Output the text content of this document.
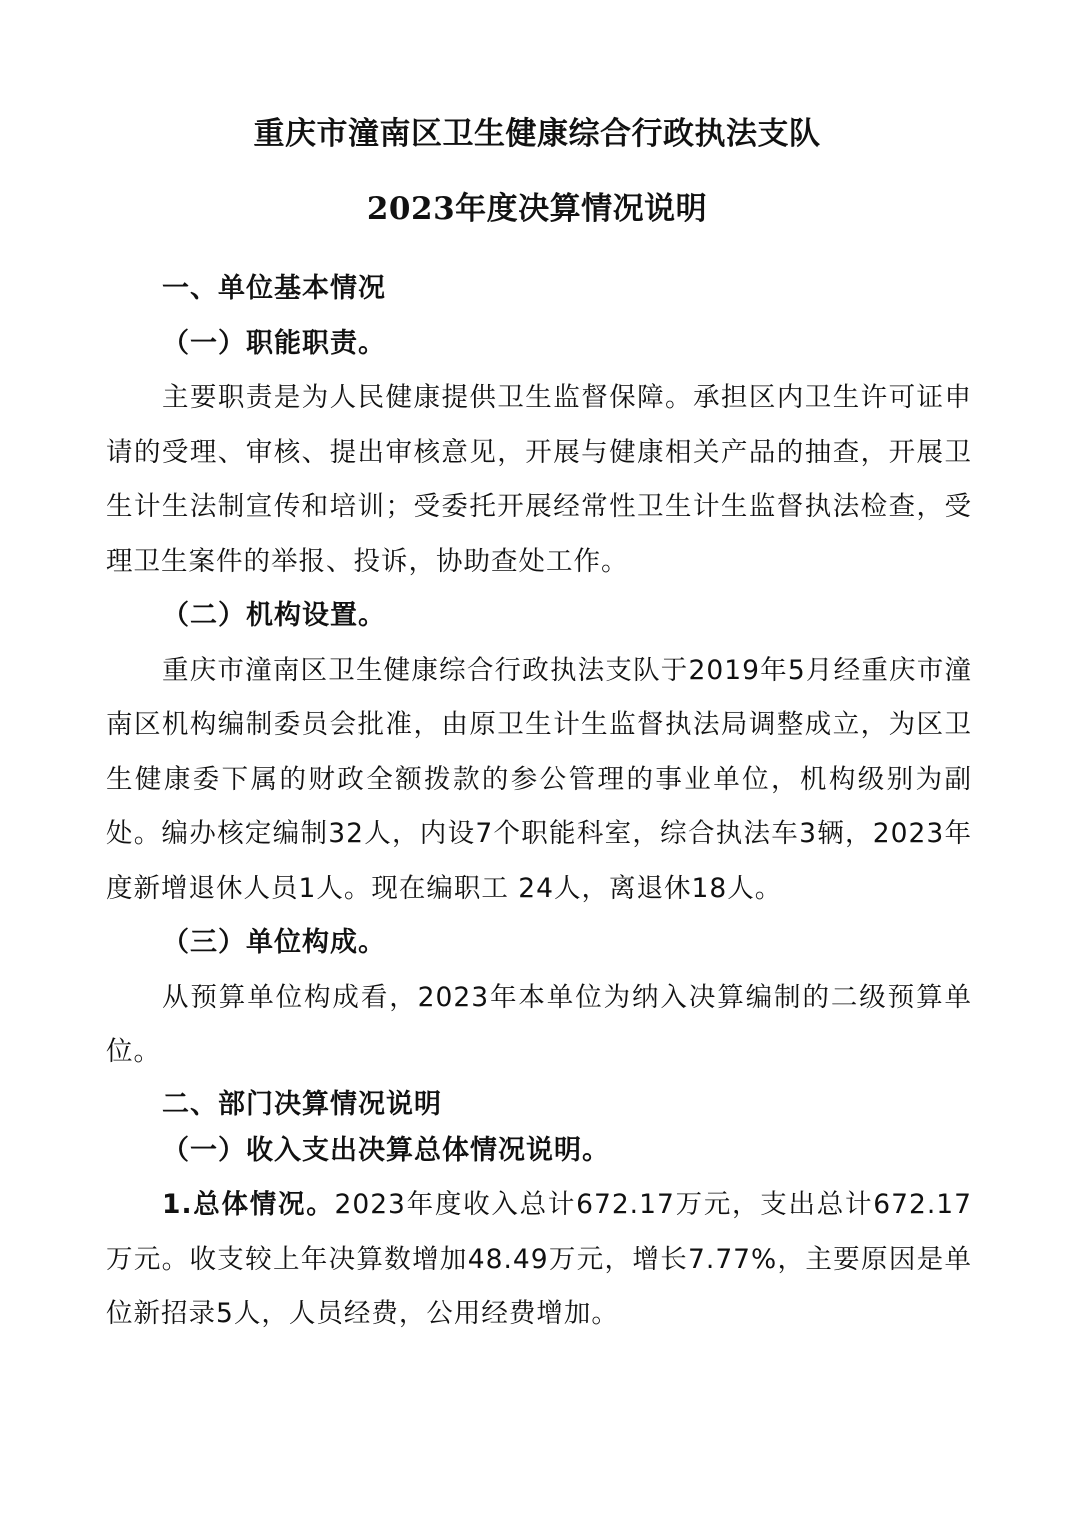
重庆市潼南区卫生健康综合行政执法支队
2023年度决算情况说明

一、单位基本情况

（一）职能职责。

主要职责是为人民健康提供卫生监督保障。承担区内卫生许可证申请的受理、审核、提出审核意见，开展与健康相关产品的抽查，开展卫生计生法制宣传和培训；受委托开展经常性卫生计生监督执法检查，受理卫生案件的举报、投诉，协助查处工作。

（二）机构设置。

重庆市潼南区卫生健康综合行政执法支队于2019年5月经重庆市潼南区机构编制委员会批准，由原卫生计生监督执法局调整成立，为区卫生健康委下属的财政全额拨款的参公管理的事业单位，机构级别为副处。编办核定编制32人，内设7个职能科室，综合执法车3辆，2023年度新增退休人员1人。现在编职工 24人，离退休18人。

（三）单位构成。

从预算单位构成看，2023年本单位为纳入决算编制的二级预算单位。

二、部门决算情况说明

（一）收入支出决算总体情况说明。

1.总体情况。2023年度收入总计672.17万元，支出总计672.17万元。收支较上年决算数增加48.49万元，增长7.77%，主要原因是单位新招录5人，人员经费，公用经费增加。
